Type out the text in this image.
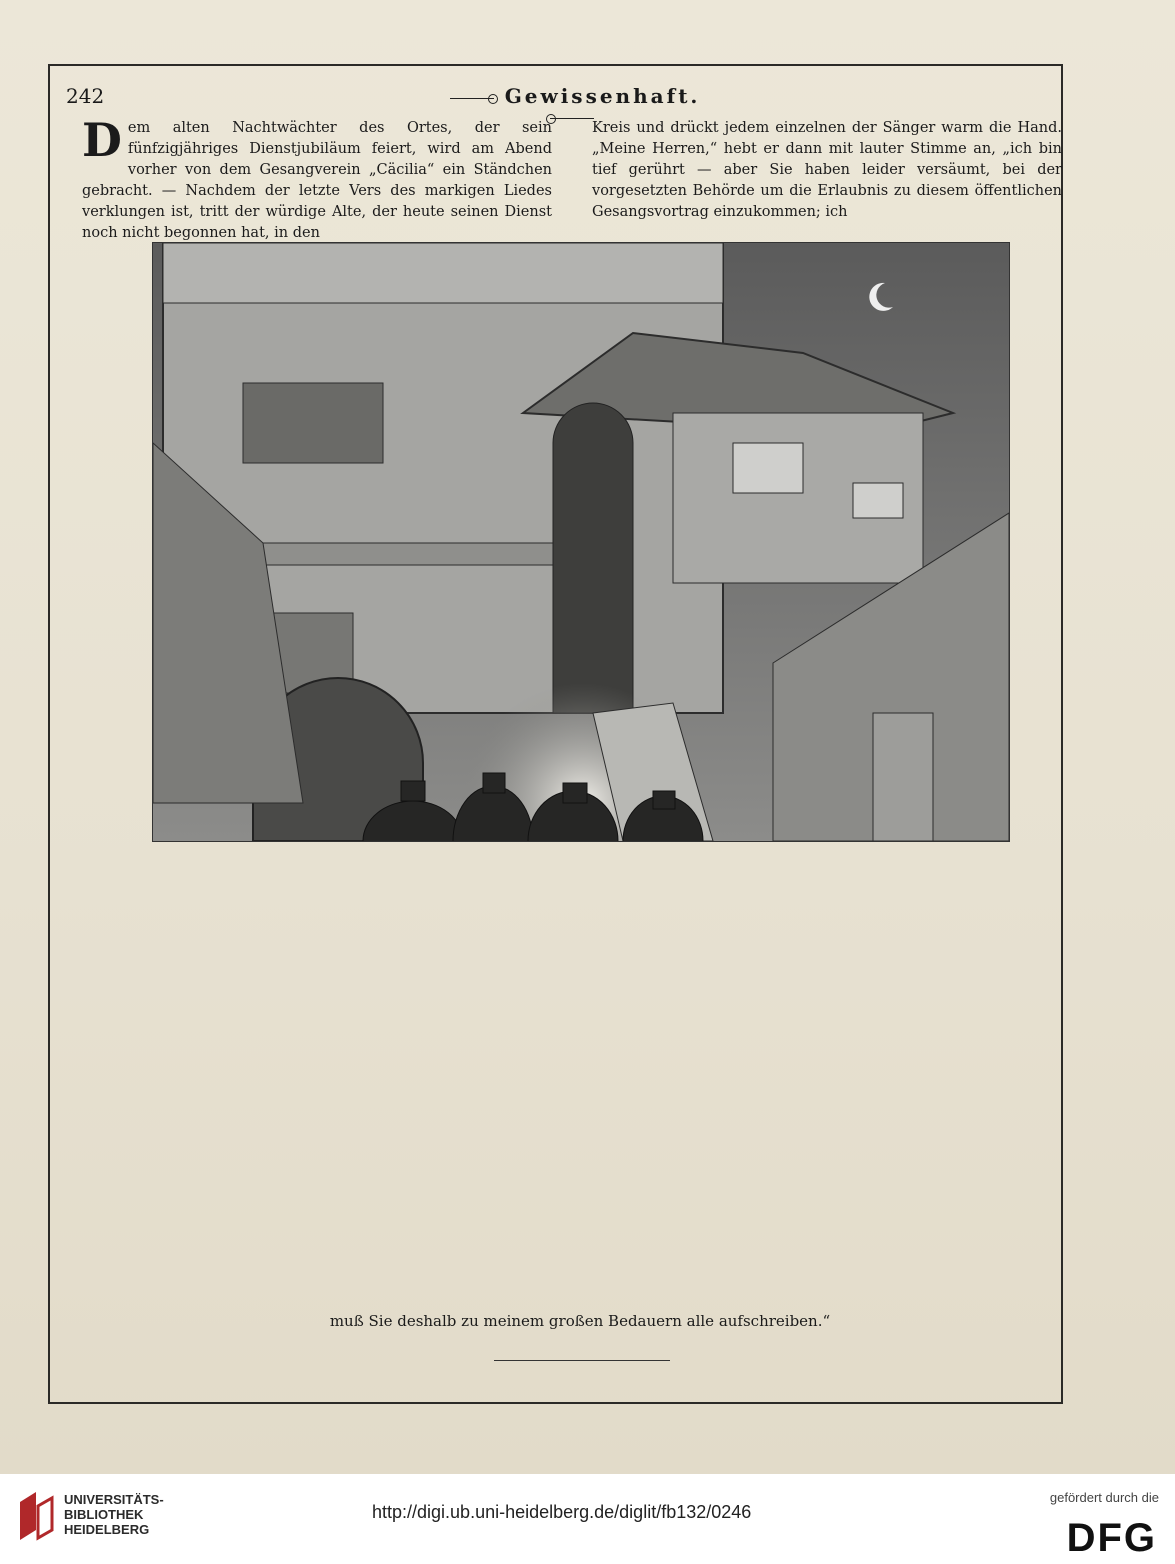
242	Gewissenhaft.
D em alten Nachtwächter des Ortes, der sein fünfzigjähriges Dienstjubiläum feiert, wird am Abend vorher von dem Gesangverein „Cäcilia“ ein Ständchen gebracht. — Nachdem der letzte Vers des markigen Liedes verklungen ist, tritt der würdige Alte, der heute seinen Dienst noch nicht begonnen hat, in den

Kreis und drückt jedem einzelnen der Sänger warm die Hand. „Meine Herren,“ hebt er dann mit lauter Stimme an, „ich bin tief gerührt — aber Sie haben leider versäumt, bei der vorgesetzten Behörde um die Erlaubnis zu diesem öffentlichen Gesangsvortrag einzukommen; ich

muß Sie deshalb zu meinem großen Bedauern alle aufschreiben.“
UNIVERSITÄTS-
BIBLIOTHEK
HEIDELBERG
http://digi.ub.uni-heidelberg.de/diglit/fb132/0246
gefördert durch die
DFG
